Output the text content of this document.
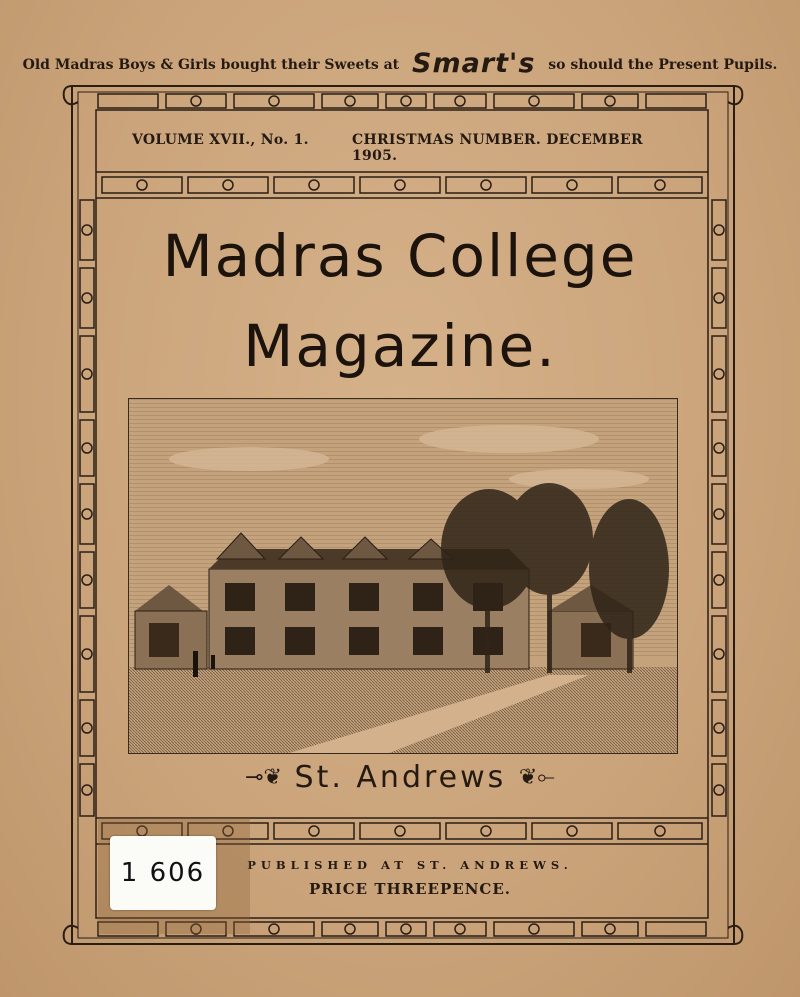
Old Madras Boys & Girls bought their Sweets at Smart's so should the Present Pupils.
VOLUME XVII., No. 1.	CHRISTMAS NUMBER. DECEMBER 1905.
Madras College
Magazine.
⊸❦ St. Andrews ❦⟜
PUBLISHED AT ST. ANDREWS.
PRICE THREEPENCE.
1 606
